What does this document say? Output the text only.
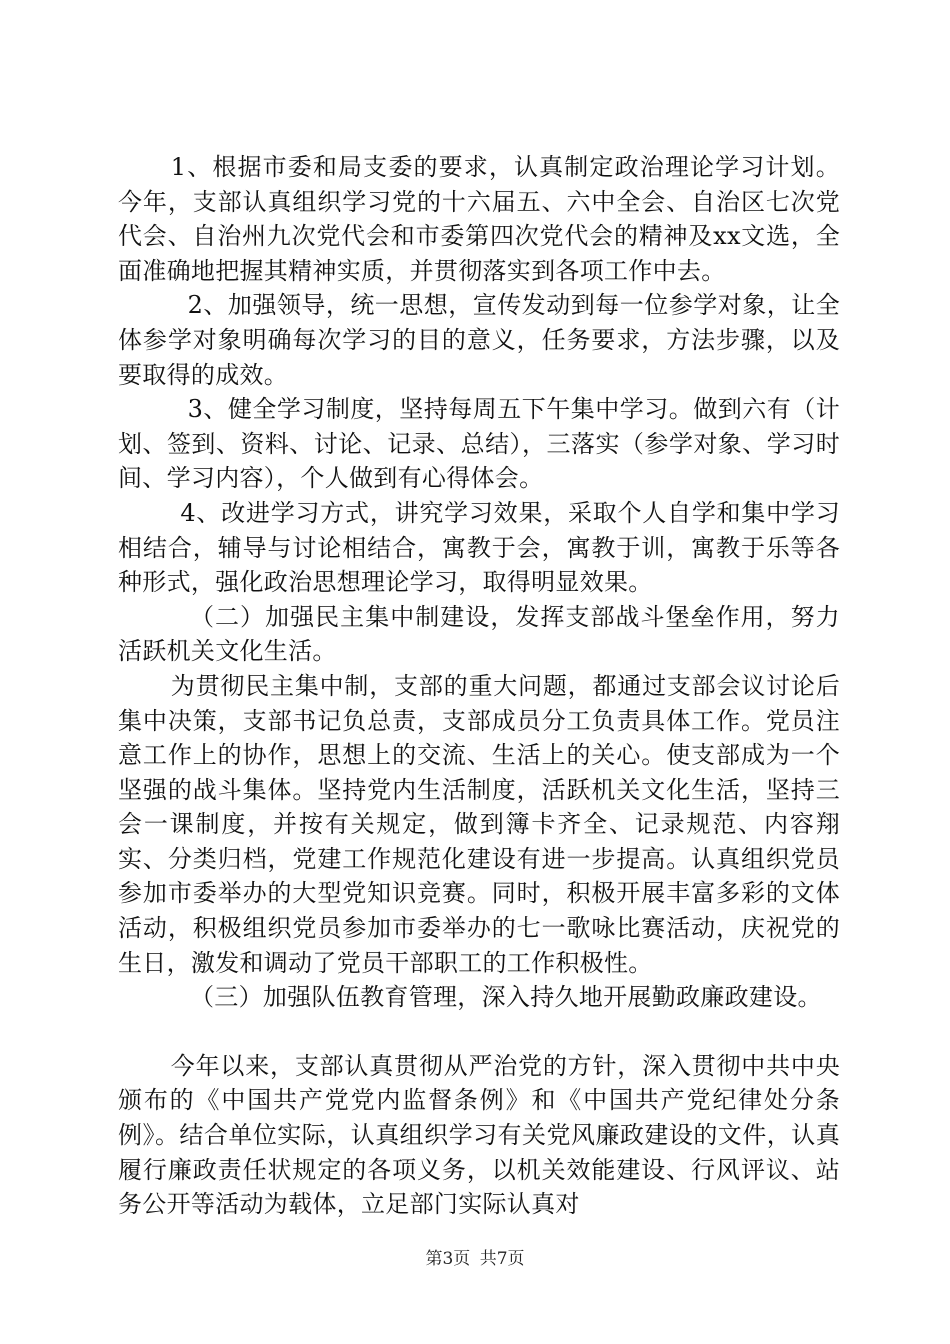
1、根据市委和局支委的要求，认真制定政治理论学习计划。今年，支部认真组织学习党的十六届五、六中全会、自治区七次党代会、自治州九次党代会和市委第四次党代会的精神及xx文选，全面准确地把握其精神实质，并贯彻落实到各项工作中去。

2、加强领导，统一思想，宣传发动到每一位参学对象，让全体参学对象明确每次学习的目的意义，任务要求，方法步骤，以及要取得的成效。

3、健全学习制度，坚持每周五下午集中学习。做到六有（计划、签到、资料、讨论、记录、总结），三落实（参学对象、学习时间、学习内容），个人做到有心得体会。

4、改进学习方式，讲究学习效果，采取个人自学和集中学习相结合，辅导与讨论相结合，寓教于会，寓教于训，寓教于乐等各种形式，强化政治思想理论学习，取得明显效果。

（二）加强民主集中制建设，发挥支部战斗堡垒作用，努力活跃机关文化生活。

为贯彻民主集中制，支部的重大问题，都通过支部会议讨论后集中决策，支部书记负总责，支部成员分工负责具体工作。党员注意工作上的协作，思想上的交流、生活上的关心。使支部成为一个坚强的战斗集体。坚持党内生活制度，活跃机关文化生活，坚持三会一课制度，并按有关规定，做到簿卡齐全、记录规范、内容翔实、分类归档，党建工作规范化建设有进一步提高。认真组织党员参加市委举办的大型党知识竞赛。同时，积极开展丰富多彩的文体活动，积极组织党员参加市委举办的七一歌咏比赛活动，庆祝党的生日，激发和调动了党员干部职工的工作积极性。

（三）加强队伍教育管理，深入持久地开展勤政廉政建设。

今年以来，支部认真贯彻从严治党的方针，深入贯彻中共中央颁布的《中国共产党党内监督条例》和《中国共产党纪律处分条例》。结合单位实际，认真组织学习有关党风廉政建设的文件，认真履行廉政责任状规定的各项义务，以机关效能建设、行风评议、站务公开等活动为载体，立足部门实际认真对

第3页 共7页
